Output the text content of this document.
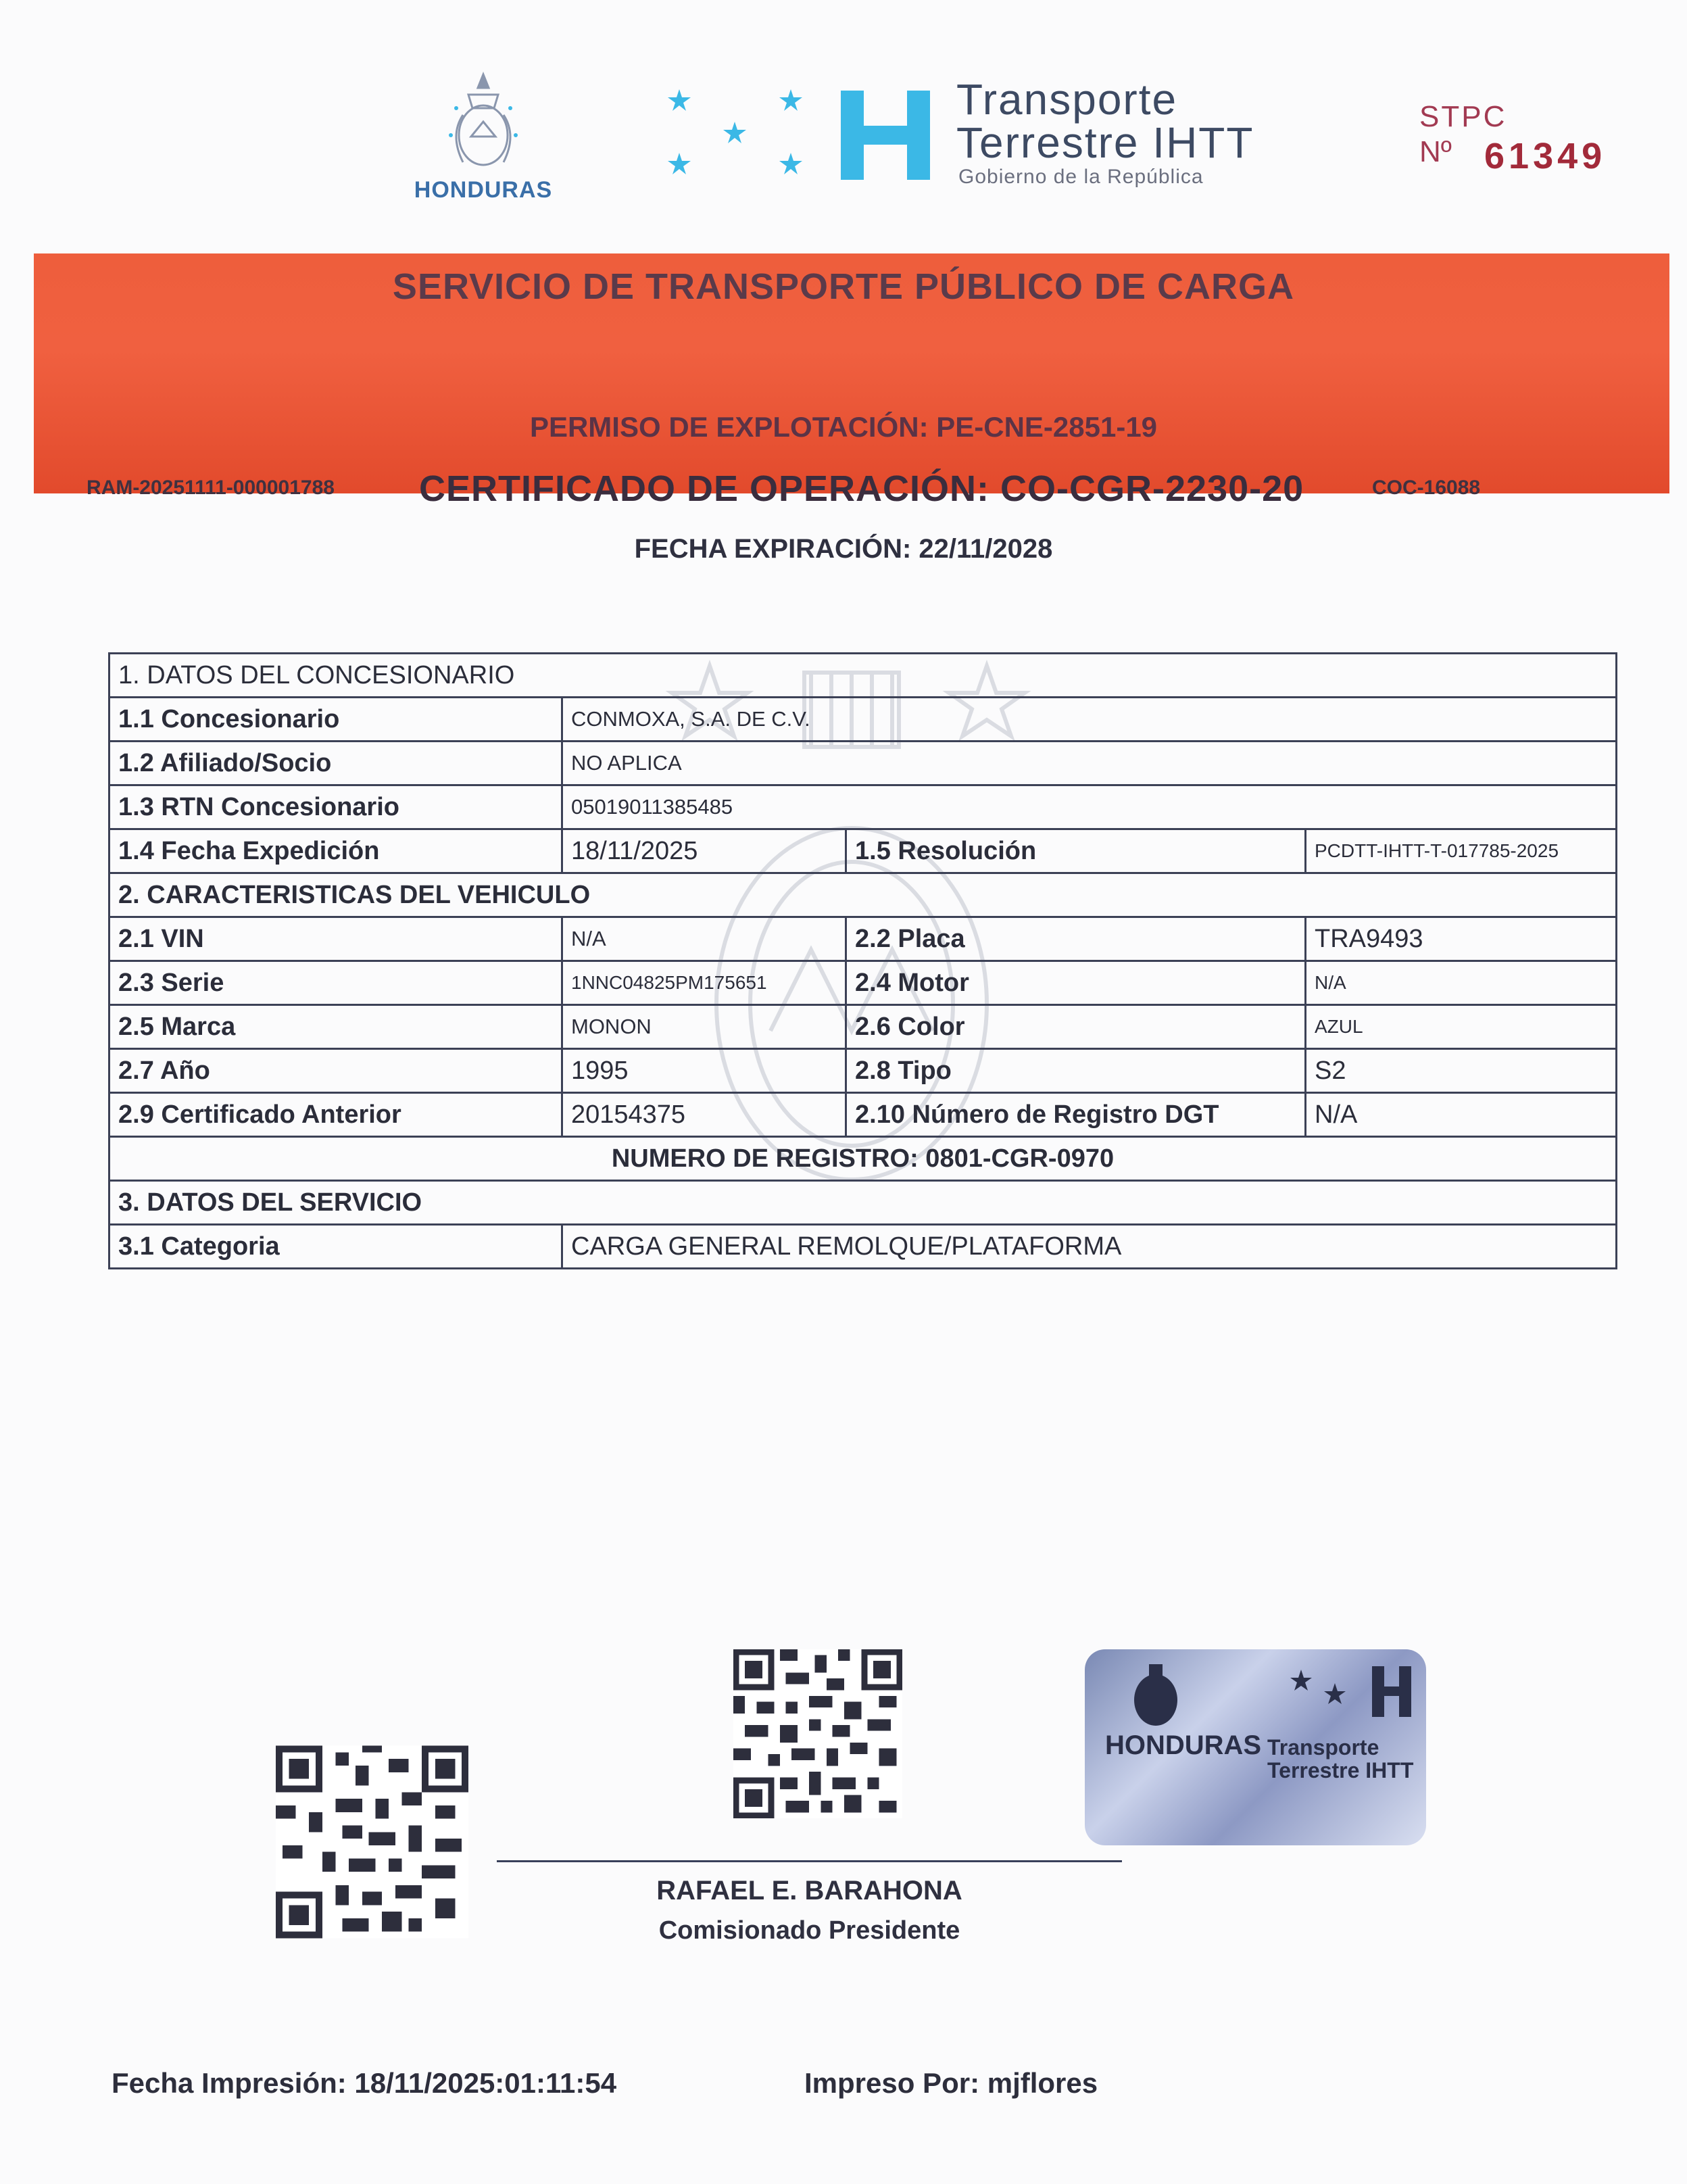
HONDURAS
Transporte
Terrestre IHTT
Gobierno de la República
STPC
Nº 61349
SERVICIO DE TRANSPORTE PÚBLICO DE CARGA
PERMISO DE EXPLOTACIÓN: PE-CNE-2851-19
RAM-20251111-000001788 CERTIFICADO DE OPERACIÓN: CO-CGR-2230-20	COC-16088
FECHA EXPIRACIÓN: 22/11/2028
1. DATOS DEL CONCESIONARIO			
1.1 Concesionario	CONMOXA, S.A. DE C.V.		
1.2 Afiliado/Socio	NO APLICA		
1.3 RTN Concesionario	05019011385485		
1.4 Fecha Expedición	18/11/2025	1.5 Resolución	PCDTT-IHTT-T-017785-2025
2. CARACTERISTICAS DEL VEHICULO			
2.1 VIN	N/A	2.2 Placa	TRA9493
2.3 Serie	1NNC04825PM175651	2.4 Motor	N/A
2.5 Marca	MONON	2.6 Color	AZUL
2.7 Año	1995	2.8 Tipo	S2
2.9 Certificado Anterior	20154375	2.10 Número de Registro DGT	N/A
NUMERO DE REGISTRO: 0801-CGR-0970			
3. DATOS DEL SERVICIO			
3.1 Categoria	CARGA GENERAL REMOLQUE/PLATAFORMA		
HONDURAS Transporte
Terrestre IHTT
RAFAEL E. BARAHONA
Comisionado Presidente
Fecha Impresión: 18/11/2025:01:11:54	Impreso Por: mjflores
